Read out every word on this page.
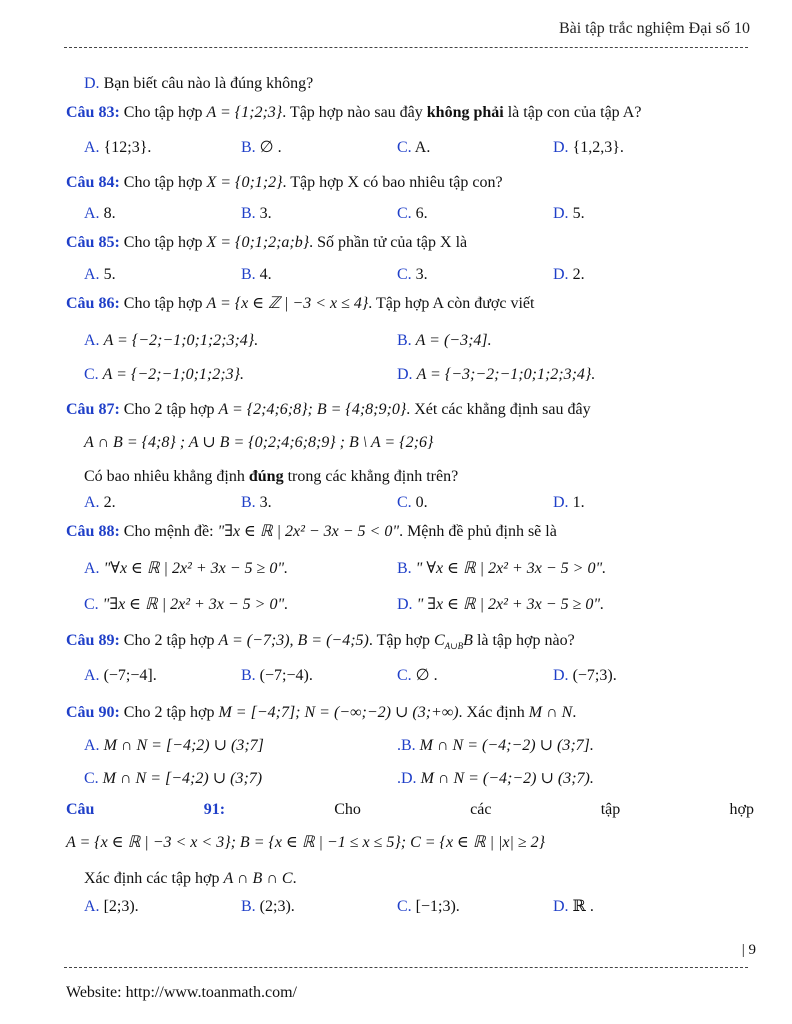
Bài tập trắc nghiệm Đại số 10
D. Bạn biết câu nào là đúng không?
Câu 83: Cho tập hợp A = {1;2;3}. Tập hợp nào sau đây không phải là tập con của tập A?
A. {12;3}.	B. ∅ .	C. A.	D. {1,2,3}.
Câu 84: Cho tập hợp X = {0;1;2}. Tập hợp X có bao nhiêu tập con?
A. 8.	B. 3.	C. 6.	D. 5.
Câu 85: Cho tập hợp X = {0;1;2;a;b}. Số phần tử của tập X là
A. 5.	B. 4.	C. 3.	D. 2.
Câu 86: Cho tập hợp A = {x ∈ ℤ | −3 < x ≤ 4}. Tập hợp A còn được viết
A. A = {−2;−1;0;1;2;3;4}.	B. A = (−3;4].
C. A = {−2;−1;0;1;2;3}.	D. A = {−3;−2;−1;0;1;2;3;4}.
Câu 87: Cho 2 tập hợp A = {2;4;6;8}; B = {4;8;9;0}. Xét các khẳng định sau đây
A ∩ B = {4;8} ; A ∪ B = {0;2;4;6;8;9} ; B \ A = {2;6}
Có bao nhiêu khẳng định đúng trong các khẳng định trên?
A. 2.	B. 3.	C. 0.	D. 1.
Câu 88: Cho mệnh đề: "∃x ∈ ℝ | 2x² − 3x − 5 < 0". Mệnh đề phủ định sẽ là
A. "∀x ∈ ℝ | 2x² + 3x − 5 ≥ 0".	B. " ∀x ∈ ℝ | 2x² + 3x − 5 > 0".
C. "∃x ∈ ℝ | 2x² + 3x − 5 > 0".	D. " ∃x ∈ ℝ | 2x² + 3x − 5 ≥ 0".
Câu 89: Cho 2 tập hợp A = (−7;3), B = (−4;5). Tập hợp $C_{A\cup B}B$ là tập hợp nào?
A. (−7;−4].	B. (−7;−4).	C. ∅ .	D. (−7;3).
Câu 90: Cho 2 tập hợp M = [−4;7]; N = (−∞;−2) ∪ (3;+∞). Xác định M ∩ N.
A. M ∩ N = [−4;2) ∪ (3;7]	.B. M ∩ N = (−4;−2) ∪ (3;7].
C. M ∩ N = [−4;2) ∪ (3;7)	.D. M ∩ N = (−4;−2) ∪ (3;7).
Câu	91:	Cho	các	tập	hợp
A = {x ∈ ℝ | −3 < x < 3}; B = {x ∈ ℝ | −1 ≤ x ≤ 5}; C = {x ∈ ℝ | |x| ≥ 2}
Xác định các tập hợp A ∩ B ∩ C.
A. [2;3).	B. (2;3).	C. [−1;3).	D. ℝ .
| 9
Website: http://www.toanmath.com/
